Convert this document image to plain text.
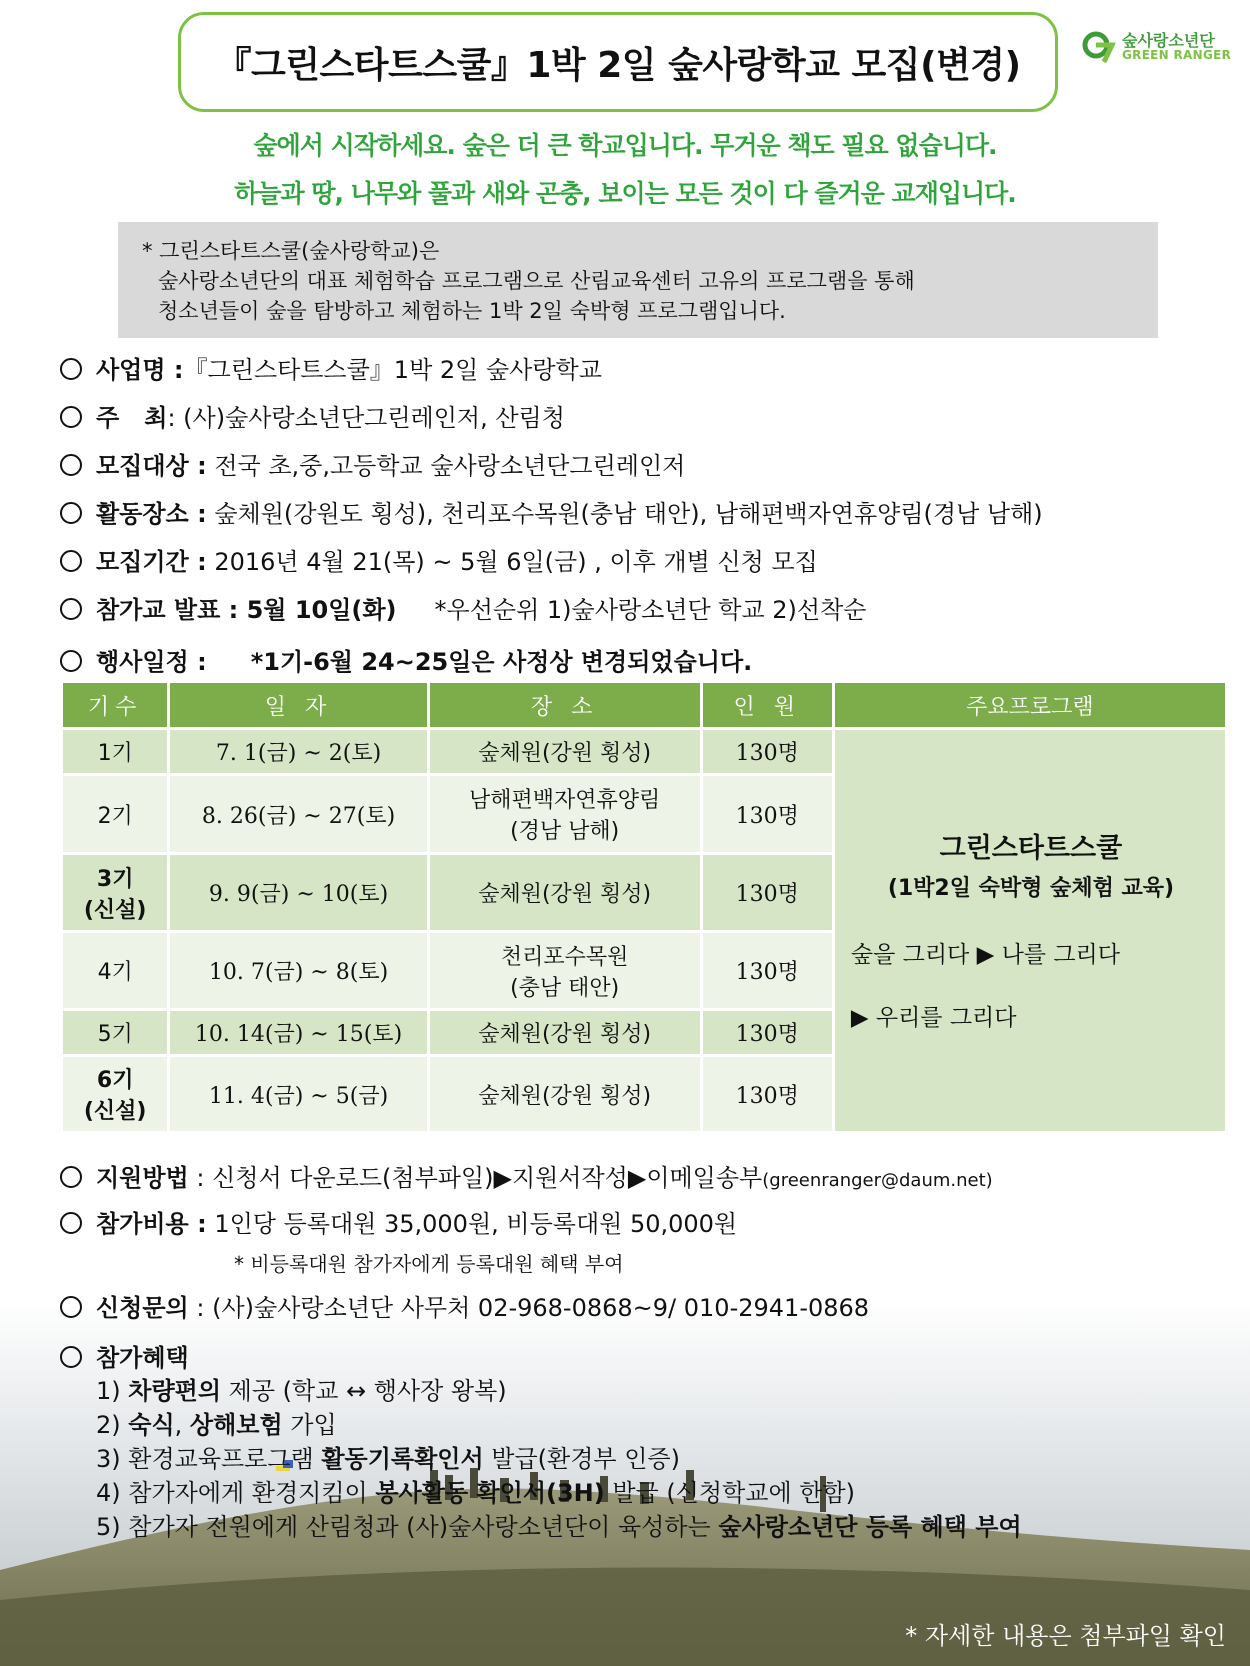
『그린스타트스쿨』1박 2일 숲사랑학교 모집(변경)
숲사랑소년단
GREEN RANGER
숲에서 시작하세요. 숲은 더 큰 학교입니다. 무거운 책도 필요 없습니다.
하늘과 땅, 나무와 풀과 새와 곤충, 보이는 모든 것이 다 즐거운 교재입니다.
* 그린스타트스쿨(숲사랑학교)은
숲사랑소년단의 대표 체험학습 프로그램으로 산림교육센터 고유의 프로그램을 통해
청소년들이 숲을 탐방하고 체험하는 1박 2일 숙박형 프로그램입니다.
사업명 :『그린스타트스쿨』1박 2일 숲사랑학교
주   최: (사)숲사랑소년단그린레인저, 산림청
모집대상 : 전국 초,중,고등학교 숲사랑소년단그린레인저
활동장소 : 숲체원(강원도 횡성), 천리포수목원(충남 태안), 남해편백자연휴양림(경남 남해)
모집기간 : 2016년 4월 21(목) ~ 5월 6일(금) , 이후 개별 신청 모집
참가교 발표 : 5월 10일(화) *우선순위 1)숲사랑소년단 학교 2)선착순
행사일정 : *1기-6월 24~25일은 사정상 변경되었습니다.
기수	일 자	장 소	인 원	주요프로그램
1기	7. 1(금) ~ 2(토)	숲체원(강원 횡성)	130명	그린스타트스쿨
(1박2일 숙박형 숲체험 교육)
숲을 그리다 ▶ 나를 그리다
▶ 우리를 그리다

2기	8. 26(금) ~ 27(토)	남해편백자연휴양림
(경남 남해)	130명	

3기
(신설)	9. 9(금) ~ 10(토)	숲체원(강원 횡성)	130명	
4기	10. 7(금) ~ 8(토)	천리포수목원
(충남 태안)	130명	
5기	10. 14(금) ~ 15(토)	숲체원(강원 횡성)	130명	

6기
(신설)	11. 4(금) ~ 5(금)	숲체원(강원 횡성)	130명	
지원방법 : 신청서 다운로드(첨부파일)▶지원서작성▶이메일송부(greenranger@daum.net)
참가비용 : 1인당 등록대원 35,000원, 비등록대원 50,000원
* 비등록대원 참가자에게 등록대원 혜택 부여
신청문의 : (사)숲사랑소년단 사무처 02-968-0868~9/ 010-2941-0868
참가혜택
1) 차량편의 제공 (학교 ↔ 행사장 왕복)
2) 숙식, 상해보험 가입
3) 환경교육프로그램 활동기록확인서 발급(환경부 인증)
4) 참가자에게 환경지킴이 봉사활동 확인서(3H) 발급 (신청학교에 한함)
5) 참가자 전원에게 산림청과 (사)숲사랑소년단이 육성하는 숲사랑소년단 등록 혜택 부여
* 자세한 내용은 첨부파일 확인
